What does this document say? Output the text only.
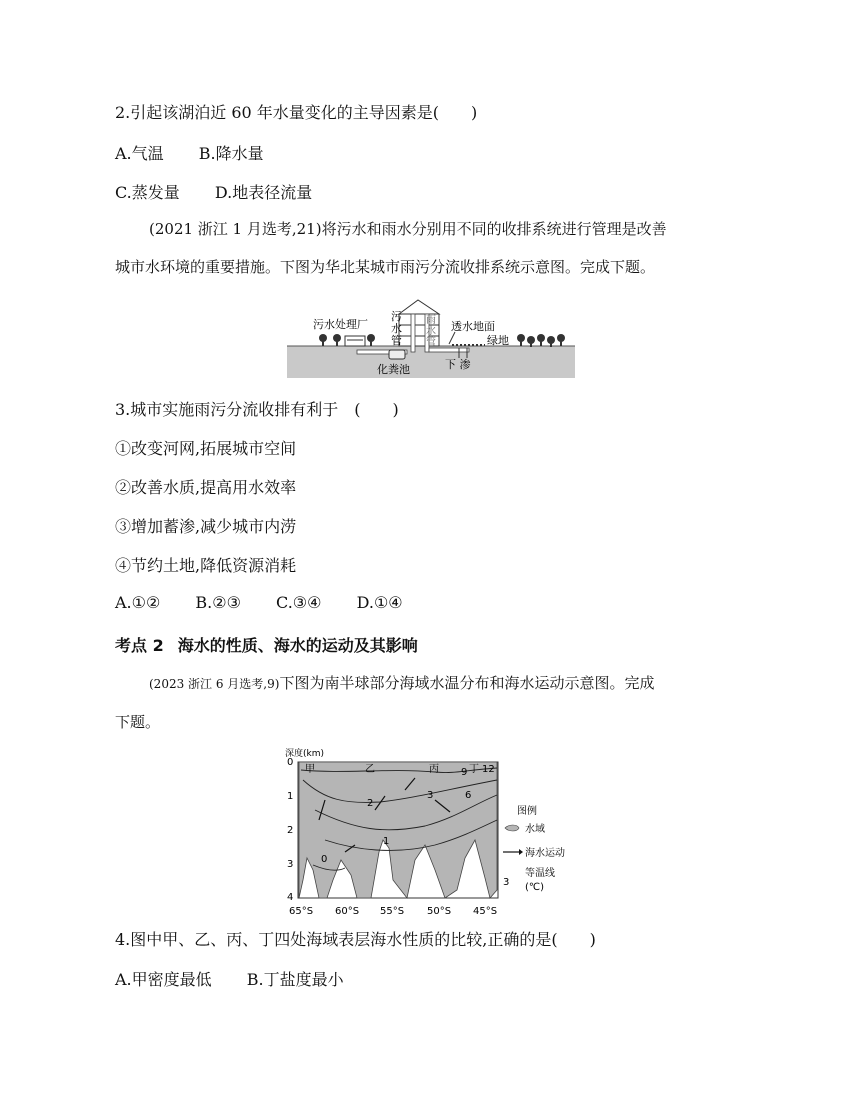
2.引起该湖泊近 60 年水量变化的主导因素是(　　)
A.气温 B.降水量
C.蒸发量 D.地表径流量
(2021 浙江 1 月选考,21)将污水和雨水分别用不同的收排系统进行管理是改善
城市水环境的重要措施。下图为华北某城市雨污分流收排系统示意图。完成下题。
污水处理厂
污
水
管
雨
水
管
透水地面
绿地
化粪池	下 渗
3.城市实施雨污分流收排有利于　(　　)
①改变河网,拓展城市空间
②改善水质,提高用水效率
③增加蓄渗,减少城市内涝
④节约土地,降低资源消耗
A.①② B.②③ C.③④ D.①④
考点 2 海水的性质、海水的运动及其影响
(2023 浙江 6 月选考,9)下图为南半球部分海域水温分布和海水运动示意图。完成
下题。
深度(km)
0
1
2
3
4
65°S 60°S 55°S 50°S 45°S
甲	乙	丙	丁
0
1
2
3	6
9 12
图例
水域
海水运动
3
等温线
(℃)
4.图中甲、乙、丙、丁四处海域表层海水性质的比较,正确的是(　　)
A.甲密度最低 B.丁盐度最小
